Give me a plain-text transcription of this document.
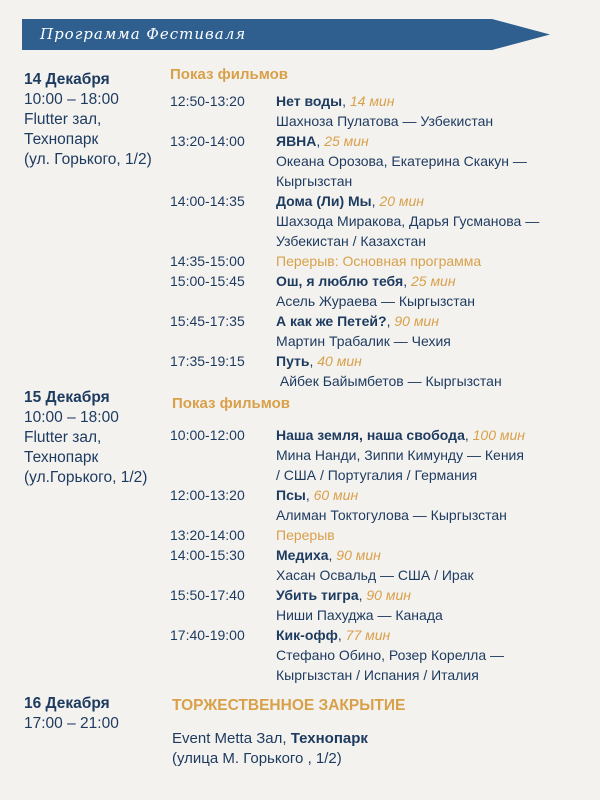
Программа Фестиваля
14 Декабря
10:00 – 18:00
Flutter зал,
Технопарк
(ул. Горького, 1/2)
15 Декабря
10:00 – 18:00
Flutter зал,
Технопарк
(ул.Горького, 1/2)
16 Декабря
17:00 – 21:00
Показ фильмов
12:50-13:20	Нет воды, 14 мин
Шахноза Пулатова — Узбекистан
13:20-14:00	ЯВНА, 25 мин
Океана Орозова, Екатерина Скакун —
Кыргызстан
14:00-14:35	Дома (Ли) Мы, 20 мин
Шахзода Миракова, Дарья Гусманова —
Узбекистан / Казахстан
14:35-15:00	Перерыв: Основная программа
15:00-15:45	Ош, я люблю тебя, 25 мин
Асель Жураева — Кыргызстан
15:45-17:35	А как же Петей?, 90 мин
Мартин Трабалик — Чехия
17:35-19:15	Путь, 40 мин
Айбек Байымбетов — Кыргызстан
Показ фильмов
10:00-12:00	Наша земля, наша свобода, 100 мин
Мина Нанди, Зиппи Кимунду — Кения
/ США / Португалия / Германия
12:00-13:20	Псы, 60 мин
Алиман Токтогулова — Кыргызстан
13:20-14:00	Перерыв
14:00-15:30	Медиха, 90 мин
Хасан Освальд — США / Ирак
15:50-17:40	Убить тигра, 90 мин
Ниши Пахуджа — Канада
17:40-19:00	Кик-офф, 77 мин
Стефано Обино, Розер Корелла —
Кыргызстан / Испания / Италия
ТОРЖЕСТВЕННОЕ ЗАКРЫТИЕ
Event Metta Зал, Технопарк
(улица М. Горького , 1/2)
